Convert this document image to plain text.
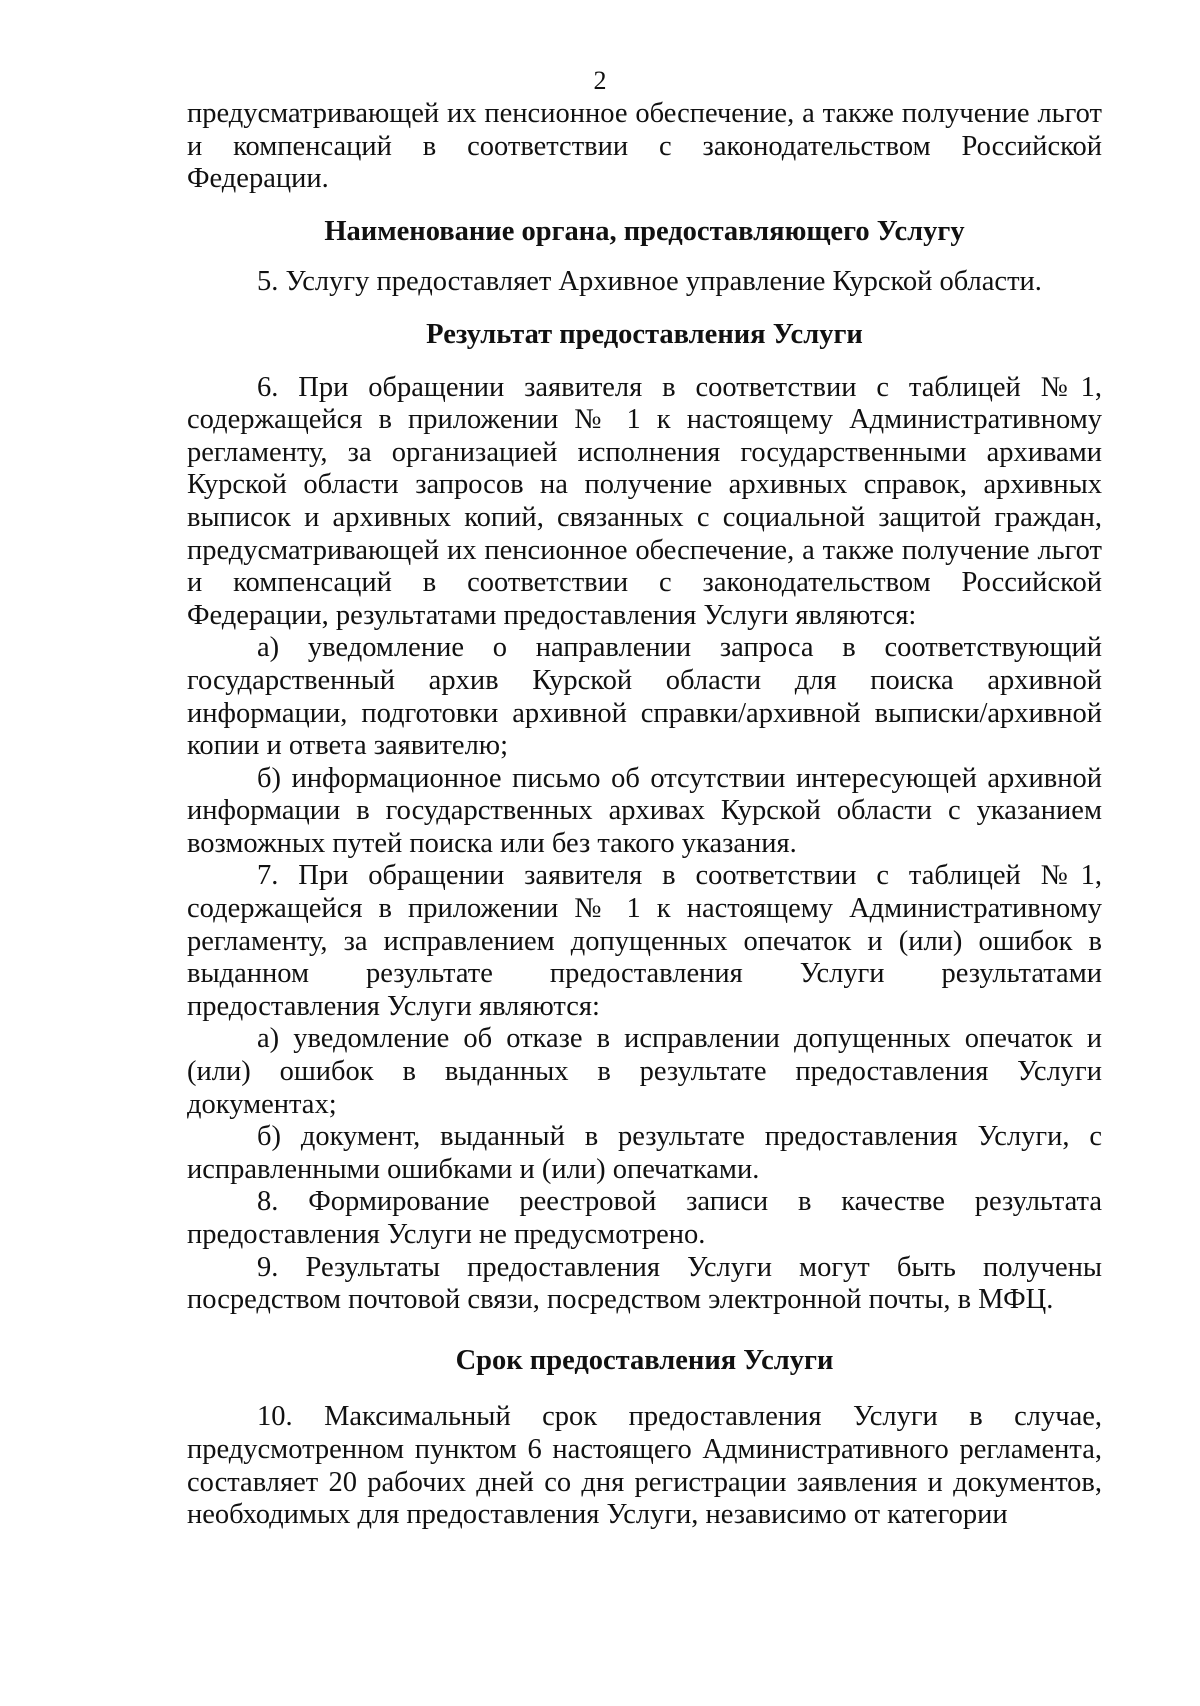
2

предусматривающей их пенсионное обеспечение, а также получение льгот и компенсаций в соответствии с законодательством Российской Федерации.

Наименование органа, предоставляющего Услугу

5. Услугу предоставляет Архивное управление Курской области.

Результат предоставления Услуги

6. При обращении заявителя в соответствии с таблицей №1, содержащейся в приложении № 1 к настоящему Административному регламенту, за организацией исполнения государственными архивами Курской области запросов на получение архивных справок, архивных выписок и архивных копий, связанных с социальной защитой граждан, предусматривающей их пенсионное обеспечение, а также получение льгот и компенсаций в соответствии с законодательством Российской Федерации, результатами предоставления Услуги являются:

а) уведомление о направлении запроса в соответствующий государственный архив Курской области для поиска архивной информации, подготовки архивной справки/архивной выписки/архивной копии и ответа заявителю;

б) информационное письмо об отсутствии интересующей архивной информации в государственных архивах Курской области с указанием возможных путей поиска или без такого указания.

7. При обращении заявителя в соответствии с таблицей №1, содержащейся в приложении № 1 к настоящему Административному регламенту, за исправлением допущенных опечаток и (или) ошибок в выданном результате предоставления Услуги результатами предоставления Услуги являются:

а) уведомление об отказе в исправлении допущенных опечаток и (или) ошибок в выданных в результате предоставления Услуги документах;

б) документ, выданный в результате предоставления Услуги, с исправленными ошибками и (или) опечатками.

8. Формирование реестровой записи в качестве результата предоставления Услуги не предусмотрено.

9. Результаты предоставления Услуги могут быть получены посредством почтовой связи, посредством электронной почты, в МФЦ.

Срок предоставления Услуги

10. Максимальный срок предоставления Услуги в случае, предусмотренном пунктом 6 настоящего Административного регламента, составляет 20 рабочих дней со дня регистрации заявления и документов, необходимых для предоставления Услуги, независимо от категории
